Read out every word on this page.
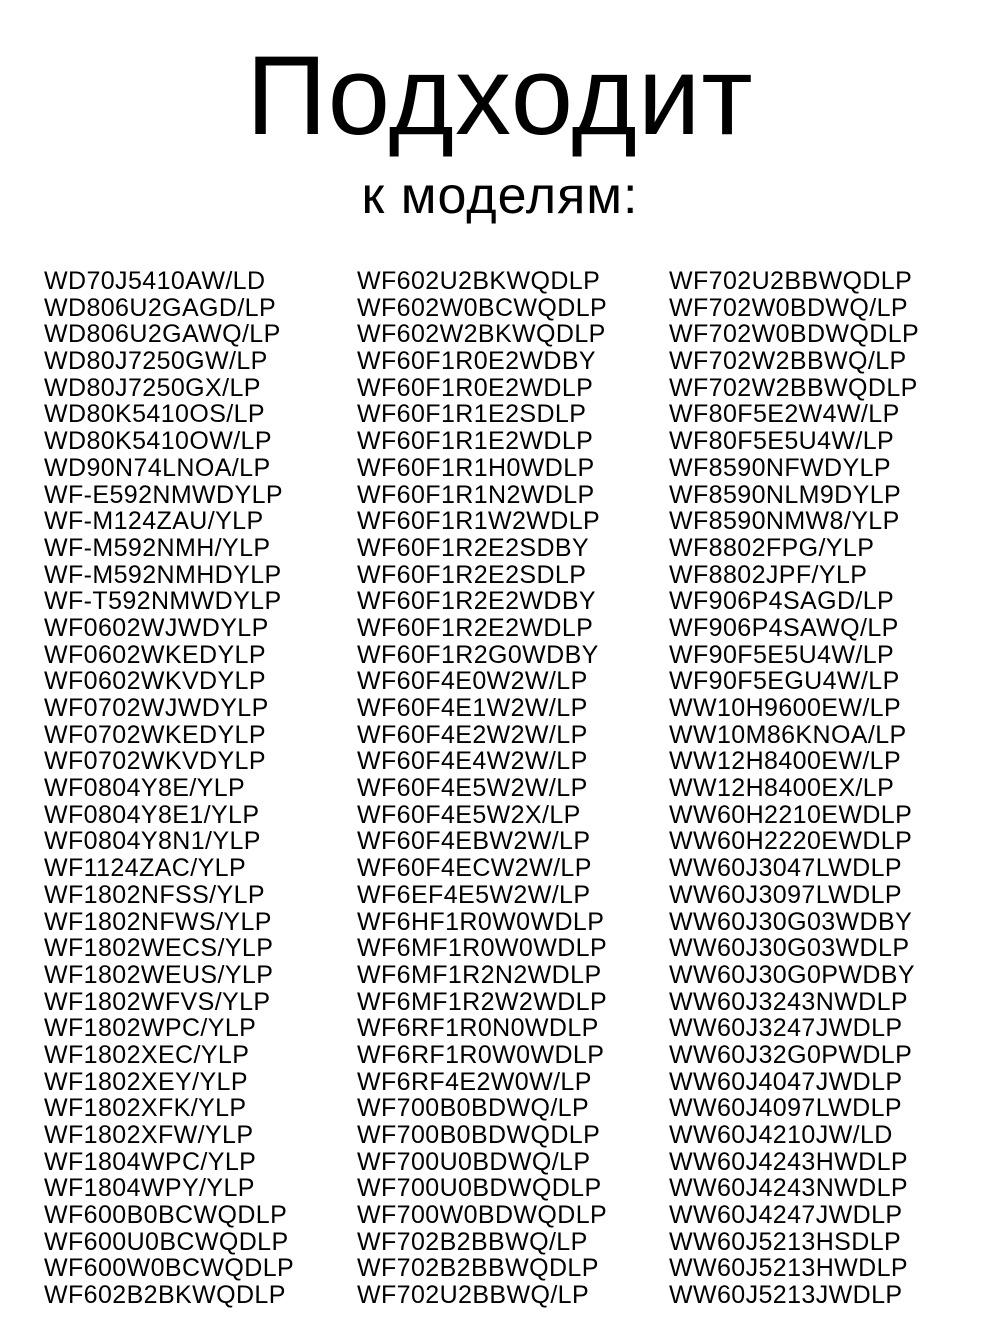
Подходит
к моделям:
WD70J5410AW/LD
WD806U2GAGD/LP
WD806U2GAWQ/LP
WD80J7250GW/LP
WD80J7250GX/LP
WD80K5410OS/LP
WD80K5410OW/LP
WD90N74LNOA/LP
WF-E592NMWDYLP
WF-M124ZAU/YLP
WF-M592NMH/YLP
WF-M592NMHDYLP
WF-T592NMWDYLP
WF0602WJWDYLP
WF0602WKEDYLP
WF0602WKVDYLP
WF0702WJWDYLP
WF0702WKEDYLP
WF0702WKVDYLP
WF0804Y8E/YLP
WF0804Y8E1/YLP
WF0804Y8N1/YLP
WF1124ZAC/YLP
WF1802NFSS/YLP
WF1802NFWS/YLP
WF1802WECS/YLP
WF1802WEUS/YLP
WF1802WFVS/YLP
WF1802WPC/YLP
WF1802XEC/YLP
WF1802XEY/YLP
WF1802XFK/YLP
WF1802XFW/YLP
WF1804WPC/YLP
WF1804WPY/YLP
WF600B0BCWQDLP
WF600U0BCWQDLP
WF600W0BCWQDLP
WF602B2BKWQDLP
WF602U2BKWQDLP
WF602W0BCWQDLP
WF602W2BKWQDLP
WF60F1R0E2WDBY
WF60F1R0E2WDLP
WF60F1R1E2SDLP
WF60F1R1E2WDLP
WF60F1R1H0WDLP
WF60F1R1N2WDLP
WF60F1R1W2WDLP
WF60F1R2E2SDBY
WF60F1R2E2SDLP
WF60F1R2E2WDBY
WF60F1R2E2WDLP
WF60F1R2G0WDBY
WF60F4E0W2W/LP
WF60F4E1W2W/LP
WF60F4E2W2W/LP
WF60F4E4W2W/LP
WF60F4E5W2W/LP
WF60F4E5W2X/LP
WF60F4EBW2W/LP
WF60F4ECW2W/LP
WF6EF4E5W2W/LP
WF6HF1R0W0WDLP
WF6MF1R0W0WDLP
WF6MF1R2N2WDLP
WF6MF1R2W2WDLP
WF6RF1R0N0WDLP
WF6RF1R0W0WDLP
WF6RF4E2W0W/LP
WF700B0BDWQ/LP
WF700B0BDWQDLP
WF700U0BDWQ/LP
WF700U0BDWQDLP
WF700W0BDWQDLP
WF702B2BBWQ/LP
WF702B2BBWQDLP
WF702U2BBWQ/LP
WF702U2BBWQDLP
WF702W0BDWQ/LP
WF702W0BDWQDLP
WF702W2BBWQ/LP
WF702W2BBWQDLP
WF80F5E2W4W/LP
WF80F5E5U4W/LP
WF8590NFWDYLP
WF8590NLM9DYLP
WF8590NMW8/YLP
WF8802FPG/YLP
WF8802JPF/YLP
WF906P4SAGD/LP
WF906P4SAWQ/LP
WF90F5E5U4W/LP
WF90F5EGU4W/LP
WW10H9600EW/LP
WW10M86KNOA/LP
WW12H8400EW/LP
WW12H8400EX/LP
WW60H2210EWDLP
WW60H2220EWDLP
WW60J3047LWDLP
WW60J3097LWDLP
WW60J30G03WDBY
WW60J30G03WDLP
WW60J30G0PWDBY
WW60J3243NWDLP
WW60J3247JWDLP
WW60J32G0PWDLP
WW60J4047JWDLP
WW60J4097LWDLP
WW60J4210JW/LD
WW60J4243HWDLP
WW60J4243NWDLP
WW60J4247JWDLP
WW60J5213HSDLP
WW60J5213HWDLP
WW60J5213JWDLP
